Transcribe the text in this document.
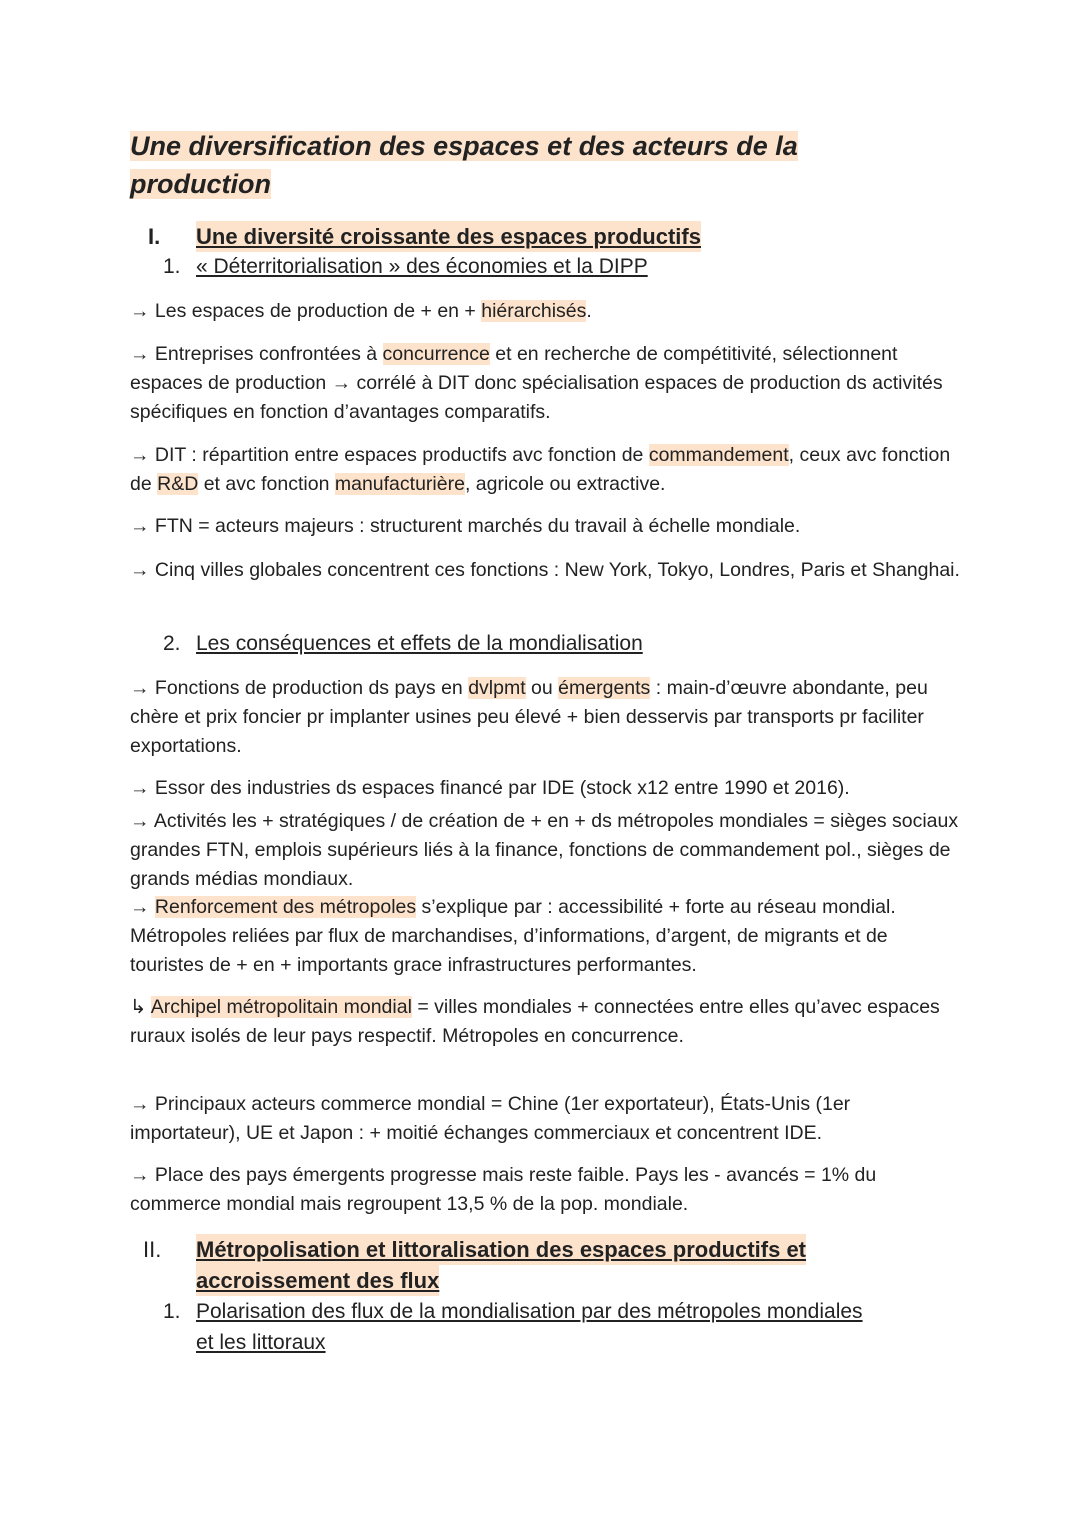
Une diversification des espaces et des acteurs de la
production
I. Une diversité croissante des espaces productifs
1. « Déterritorialisation » des économies et la DIPP

→ Les espaces de production de + en + hiérarchisés.

→ Entreprises confrontées à concurrence et en recherche de compétitivité, sélectionnent espaces de production → corrélé à DIT donc spécialisation espaces de production ds activités spécifiques en fonction d’avantages comparatifs.

→ DIT : répartition entre espaces productifs avc fonction de commandement, ceux avc fonction de R&D et avc fonction manufacturière, agricole ou extractive.

→ FTN = acteurs majeurs : structurent marchés du travail à échelle mondiale.

→ Cinq villes globales concentrent ces fonctions : New York, Tokyo, Londres, Paris et Shanghai.

2. Les conséquences et effets de la mondialisation

→ Fonctions de production ds pays en dvlpmt ou émergents : main-d’œuvre abondante, peu chère et prix foncier pr implanter usines peu élevé + bien desservis par transports pr faciliter exportations.

→ Essor des industries ds espaces financé par IDE (stock x12 entre 1990 et 2016).

→ Activités les + stratégiques / de création de + en + ds métropoles mondiales = sièges sociaux grandes FTN, emplois supérieurs liés à la finance, fonctions de commandement pol., sièges de grands médias mondiaux.

→ Renforcement des métropoles s’explique par : accessibilité + forte au réseau mondial. Métropoles reliées par flux de marchandises, d’informations, d’argent, de migrants et de touristes de + en + importants grace infrastructures performantes.

↳ Archipel métropolitain mondial = villes mondiales + connectées entre elles qu’avec espaces ruraux isolés de leur pays respectif. Métropoles en concurrence.

→ Principaux acteurs commerce mondial = Chine (1er exportateur), États-Unis (1er importateur), UE et Japon : + moitié échanges commerciaux et concentrent IDE.

→ Place des pays émergents progresse mais reste faible. Pays les - avancés = 1% du commerce mondial mais regroupent 13,5 % de la pop. mondiale.

II. Métropolisation et littoralisation des espaces productifs et
accroissement des flux
1. Polarisation des flux de la mondialisation par des métropoles mondiales
et les littoraux
